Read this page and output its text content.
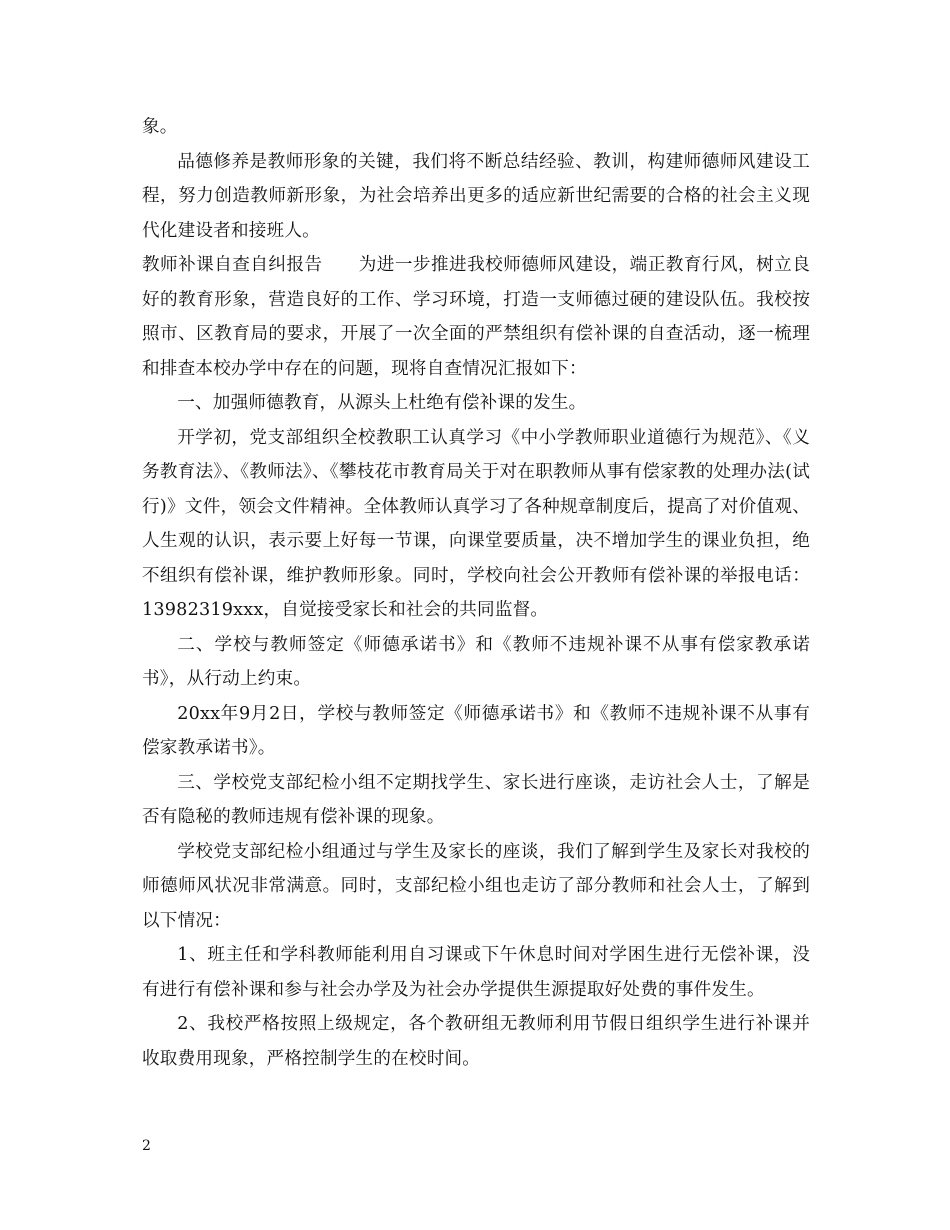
象。

品德修养是教师形象的关键，我们将不断总结经验、教训，构建师德师风建设工程，努力创造教师新形象，为社会培养出更多的适应新世纪需要的合格的社会主义现代化建设者和接班人。

教师补课自查自纠报告　　为进一步推进我校师德师风建设，端正教育行风，树立良好的教育形象，营造良好的工作、学习环境，打造一支师德过硬的建设队伍。我校按照市、区教育局的要求，开展了一次全面的严禁组织有偿补课的自查活动，逐一梳理和排查本校办学中存在的问题，现将自查情况汇报如下：

一、加强师德教育，从源头上杜绝有偿补课的发生。

开学初，党支部组织全校教职工认真学习《中小学教师职业道德行为规范》、《义务教育法》、《教师法》、《攀枝花市教育局关于对在职教师从事有偿家教的处理办法(试行)》文件，领会文件精神。全体教师认真学习了各种规章制度后，提高了对价值观、人生观的认识，表示要上好每一节课，向课堂要质量，决不增加学生的课业负担，绝不组织有偿补课，维护教师形象。同时，学校向社会公开教师有偿补课的举报电话：13982319xxx，自觉接受家长和社会的共同监督。

二、学校与教师签定《师德承诺书》和《教师不违规补课不从事有偿家教承诺书》，从行动上约束。

20xx年9月2日，学校与教师签定《师德承诺书》和《教师不违规补课不从事有偿家教承诺书》。

三、学校党支部纪检小组不定期找学生、家长进行座谈，走访社会人士，了解是否有隐秘的教师违规有偿补课的现象。

学校党支部纪检小组通过与学生及家长的座谈，我们了解到学生及家长对我校的师德师风状况非常满意。同时，支部纪检小组也走访了部分教师和社会人士，了解到以下情况：

1、班主任和学科教师能利用自习课或下午休息时间对学困生进行无偿补课，没有进行有偿补课和参与社会办学及为社会办学提供生源提取好处费的事件发生。

2、我校严格按照上级规定，各个教研组无教师利用节假日组织学生进行补课并收取费用现象，严格控制学生的在校时间。

2
